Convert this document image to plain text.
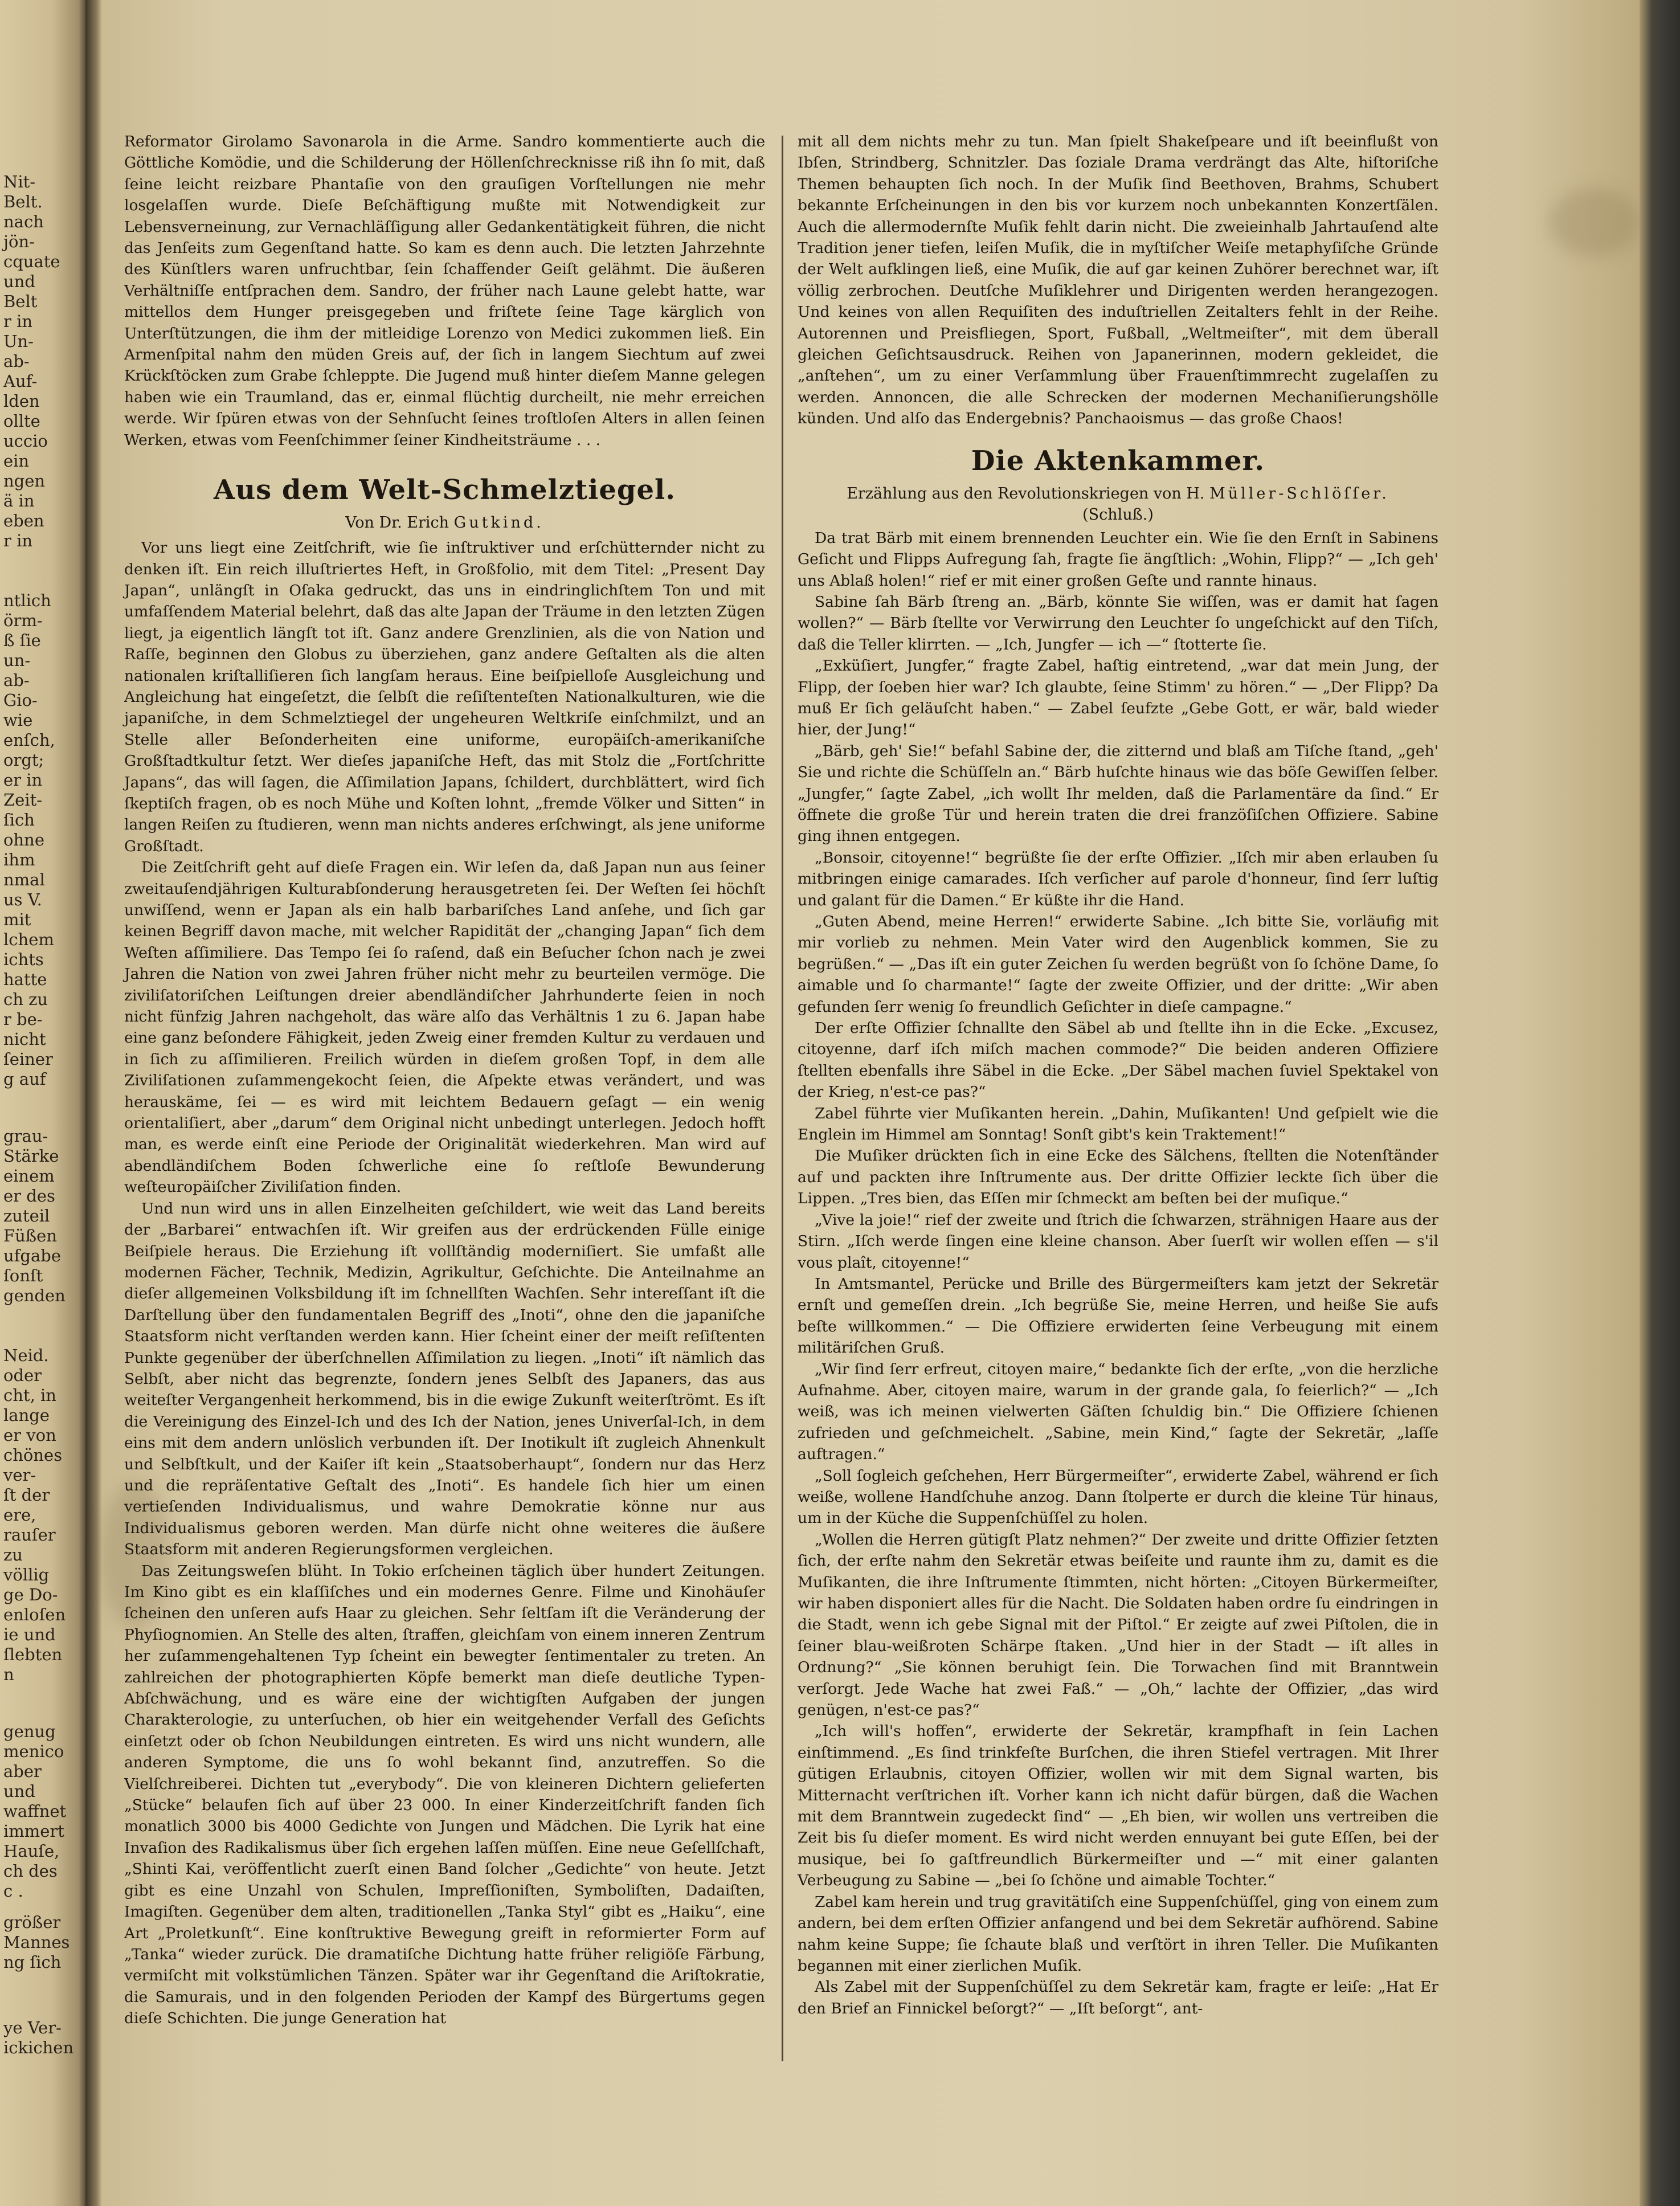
Nit-
Belt.
nach
jön-
cquate
und
Belt
r in
Un-
ab-
Auf-
lden
ollte
uccio
ein
ngen
ä in
eben
r in
ntlich
örm-
ß ſie
un-
ab-
Gio-
wie
enſch,
orgt;
er in
Zeit-
ſich
ohne
ihm
nmal
us V.
mit
lchem
ichts
hatte
ch zu
r be-
nicht
ſeiner
g auf
grau-
Stärke
einem
er des
zuteil
Füßen
ufgabe
ſonſt
genden
Neid.
oder
cht, in
lange
er von
chönes
ver-
ſt der
ere,
rauſer
zu
völlig
ge Do-
enloſen
ie und
ſlebten
n
genug
menico
aber
und
waffnet
immert
Hauſe,
ch des
c .
größer
Mannes
ng ſich
ye Ver-
ickichen

Reformator Girolamo Savonarola in die Arme. Sandro kommentierte auch die Göttliche Komödie, und die Schilderung der Höllenſchrecknisse riß ihn ſo mit, daß ſeine leicht reizbare Phantaſie von den grauſigen Vorſtellungen nie mehr losgelaſſen wurde. Dieſe Beſchäftigung mußte mit Notwendigkeit zur Lebensverneinung, zur Vernachläſſigung aller Gedankentätigkeit führen, die nicht das Jenſeits zum Gegenſtand hatte. So kam es denn auch. Die letzten Jahrzehnte des Künſtlers waren unfruchtbar, ſein ſchaffender Geiſt gelähmt. Die äußeren Verhältniſſe entſprachen dem. Sandro, der früher nach Laune gelebt hatte, war mittellos dem Hunger preisgegeben und friſtete ſeine Tage kärglich von Unterſtützungen, die ihm der mitleidige Lorenzo von Medici zukommen ließ. Ein Armenſpital nahm den müden Greis auf, der ſich in langem Siechtum auf zwei Krückſtöcken zum Grabe ſchleppte. Die Jugend muß hinter dieſem Manne gelegen haben wie ein Traumland, das er, einmal flüchtig durcheilt, nie mehr erreichen werde. Wir ſpüren etwas von der Sehnſucht ſeines troſtloſen Alters in allen ſeinen Werken, etwas vom Feenſchimmer ſeiner Kindheitsträume . . .

Aus dem Welt-Schmelztiegel.
Von Dr. Erich Gutkind.

Vor uns liegt eine Zeitſchrift, wie ſie inſtruktiver und erſchütternder nicht zu denken iſt. Ein reich illuſtriertes Heft, in Großfolio, mit dem Titel: „Present Day Japan“, unlängſt in Oſaka gedruckt, das uns in eindringlichſtem Ton und mit umfaſſendem Material belehrt, daß das alte Japan der Träume in den letzten Zügen liegt, ja eigentlich längſt tot iſt. Ganz andere Grenzlinien, als die von Nation und Raſſe, beginnen den Globus zu überziehen, ganz andere Geſtalten als die alten nationalen kriſtalliſieren ſich langſam heraus. Eine beiſpielloſe Ausgleichung und Angleichung hat eingeſetzt, die ſelbſt die reſiſtenteſten Nationalkulturen, wie die japaniſche, in dem Schmelztiegel der ungeheuren Weltkriſe einſchmilzt, und an Stelle aller Beſonderheiten eine uniforme, europäiſch-amerikaniſche Großſtadtkultur ſetzt. Wer dieſes japaniſche Heft, das mit Stolz die „Fortſchritte Japans“, das will ſagen, die Aſſimilation Japans, ſchildert, durchblättert, wird ſich ſkeptiſch fragen, ob es noch Mühe und Koſten lohnt, „fremde Völker und Sitten“ in langen Reiſen zu ſtudieren, wenn man nichts anderes erſchwingt, als jene uniforme Großſtadt.

Die Zeitſchrift geht auf dieſe Fragen ein. Wir leſen da, daß Japan nun aus ſeiner zweitauſendjährigen Kulturabſonderung herausgetreten ſei. Der Weſten ſei höchſt unwiſſend, wenn er Japan als ein halb barbariſches Land anſehe, und ſich gar keinen Begriff davon mache, mit welcher Rapidität der „changing Japan“ ſich dem Weſten aſſimiliere. Das Tempo ſei ſo raſend, daß ein Beſucher ſchon nach je zwei Jahren die Nation von zwei Jahren früher nicht mehr zu beurteilen vermöge. Die ziviliſatoriſchen Leiſtungen dreier abendländiſcher Jahrhunderte ſeien in noch nicht fünfzig Jahren nachgeholt, das wäre alſo das Verhältnis 1 zu 6. Japan habe eine ganz beſondere Fähigkeit, jeden Zweig einer fremden Kultur zu verdauen und in ſich zu aſſimilieren. Freilich würden in dieſem großen Topf, in dem alle Ziviliſationen zuſammengekocht ſeien, die Aſpekte etwas verändert, und was herauskäme, ſei — es wird mit leichtem Bedauern geſagt — ein wenig orientaliſiert, aber „darum“ dem Original nicht unbedingt unterlegen. Jedoch hofft man, es werde einſt eine Periode der Originalität wiederkehren. Man wird auf abendländiſchem Boden ſchwerliche eine ſo reſtloſe Bewunderung weſteuropäiſcher Ziviliſation finden.

Und nun wird uns in allen Einzelheiten geſchildert, wie weit das Land bereits der „Barbarei“ entwachſen iſt. Wir greifen aus der erdrückenden Fülle einige Beiſpiele heraus. Die Erziehung iſt vollſtändig moderniſiert. Sie umfaßt alle modernen Fächer, Technik, Medizin, Agrikultur, Geſchichte. Die Anteilnahme an dieſer allgemeinen Volksbildung iſt im ſchnellſten Wachſen. Sehr intereſſant iſt die Darſtellung über den fundamentalen Begriff des „Inoti“, ohne den die japaniſche Staatsform nicht verſtanden werden kann. Hier ſcheint einer der meiſt reſiſtenten Punkte gegenüber der überſchnellen Aſſimilation zu liegen. „Inoti“ iſt nämlich das Selbſt, aber nicht das begrenzte, ſondern jenes Selbſt des Japaners, das aus weiteſter Vergangenheit herkommend, bis in die ewige Zukunft weiterſtrömt. Es iſt die Vereinigung des Einzel-Ich und des Ich der Nation, jenes Univerſal-Ich, in dem eins mit dem andern unlöslich verbunden iſt. Der Inotikult iſt zugleich Ahnenkult und Selbſtkult, und der Kaiſer iſt kein „Staatsoberhaupt“, ſondern nur das Herz und die repräſentative Geſtalt des „Inoti“. Es handele ſich hier um einen vertieſenden Individualismus, und wahre Demokratie könne nur aus Individualismus geboren werden. Man dürfe nicht ohne weiteres die äußere Staatsform mit anderen Regierungsformen vergleichen.

Das Zeitungsweſen blüht. In Tokio erſcheinen täglich über hundert Zeitungen. Im Kino gibt es ein klaſſiſches und ein modernes Genre. Filme und Kinohäuſer ſcheinen den unſeren aufs Haar zu gleichen. Sehr ſeltſam iſt die Veränderung der Phyſiognomien. An Stelle des alten, ſtraffen, gleichſam von einem inneren Zentrum her zuſammengehaltenen Typ ſcheint ein bewegter ſentimentaler zu treten. An zahlreichen der photographierten Köpfe bemerkt man dieſe deutliche Typen-Abſchwächung, und es wäre eine der wichtigſten Aufgaben der jungen Charakterologie, zu unterſuchen, ob hier ein weitgehender Verfall des Geſichts einſetzt oder ob ſchon Neubildungen eintreten. Es wird uns nicht wundern, alle anderen Symptome, die uns ſo wohl bekannt ſind, anzutreffen. So die Vielſchreiberei. Dichten tut „everybody“. Die von kleineren Dichtern gelieferten „Stücke“ belaufen ſich auf über 23 000. In einer Kinderzeitſchrift fanden ſich monatlich 3000 bis 4000 Gedichte von Jungen und Mädchen. Die Lyrik hat eine Invaſion des Radikalismus über ſich ergehen laſſen müſſen. Eine neue Geſellſchaft, „Shinti Kai, veröffentlicht zuerſt einen Band ſolcher „Gedichte“ von heute. Jetzt gibt es eine Unzahl von Schulen, Impreſſioniſten, Symboliſten, Dadaiſten, Imagiſten. Gegenüber dem alten, traditionellen „Tanka Styl“ gibt es „Haiku“, eine Art „Proletkunſt“. Eine konſtruktive Bewegung greift in reformierter Form auf „Tanka“ wieder zurück. Die dramatiſche Dichtung hatte früher religiöſe Färbung, vermiſcht mit volkstümlichen Tänzen. Später war ihr Gegenſtand die Ariſtokratie, die Samurais, und in den folgenden Perioden der Kampf des Bürgertums gegen dieſe Schichten. Die junge Generation hat

mit all dem nichts mehr zu tun. Man ſpielt Shakeſpeare und iſt beeinflußt von Ibſen, Strindberg, Schnitzler. Das ſoziale Drama verdrängt das Alte, hiſtoriſche Themen behaupten ſich noch. In der Muſik ſind Beethoven, Brahms, Schubert bekannte Erſcheinungen in den bis vor kurzem noch unbekannten Konzertſälen. Auch die allermodernſte Muſik fehlt darin nicht. Die zweieinhalb Jahrtauſend alte Tradition jener tiefen, leiſen Muſik, die in myſtiſcher Weiſe metaphyſiſche Gründe der Welt aufklingen ließ, eine Muſik, die auf gar keinen Zuhörer berechnet war, iſt völlig zerbrochen. Deutſche Muſiklehrer und Dirigenten werden herangezogen. Und keines von allen Requiſiten des induſtriellen Zeitalters fehlt in der Reihe. Autorennen und Preisfliegen, Sport, Fußball, „Weltmeiſter“, mit dem überall gleichen Geſichtsausdruck. Reihen von Japanerinnen, modern gekleidet, die „anſtehen“, um zu einer Verſammlung über Frauenſtimmrecht zugelaſſen zu werden. Annoncen, die alle Schrecken der modernen Mechaniſierungshölle künden. Und alſo das Endergebnis? Panchaoismus — das große Chaos!

Die Aktenkammer.
Erzählung aus den Revolutionskriegen von H. Müller-Schlöſſer.
(Schluß.)

Da trat Bärb mit einem brennenden Leuchter ein. Wie ſie den Ernſt in Sabinens Geſicht und Flipps Aufregung ſah, fragte ſie ängſtlich: „Wohin, Flipp?“ — „Ich geh' uns Ablaß holen!“ rief er mit einer großen Geſte und rannte hinaus.

Sabine ſah Bärb ſtreng an. „Bärb, könnte Sie wiſſen, was er damit hat ſagen wollen?“ — Bärb ſtellte vor Verwirrung den Leuchter ſo ungeſchickt auf den Tiſch, daß die Teller klirrten. — „Ich, Jungfer — ich —“ ſtotterte ſie.

„Exküſiert, Jungfer,“ fragte Zabel, haſtig eintretend, „war dat mein Jung, der Flipp, der ſoeben hier war? Ich glaubte, ſeine Stimm' zu hören.“ — „Der Flipp? Da muß Er ſich geläuſcht haben.“ — Zabel ſeufzte „Gebe Gott, er wär, bald wieder hier, der Jung!“

„Bärb, geh' Sie!“ befahl Sabine der, die zitternd und blaß am Tiſche ſtand, „geh' Sie und richte die Schüſſeln an.“ Bärb huſchte hinaus wie das böſe Gewiſſen ſelber. „Jungfer,“ ſagte Zabel, „ich wollt Ihr melden, daß die Parlamentäre da ſind.“ Er öffnete die große Tür und herein traten die drei franzöſiſchen Offiziere. Sabine ging ihnen entgegen.

„Bonsoir, citoyenne!“ begrüßte ſie der erſte Offizier. „Iſch mir aben erlauben ſu mitbringen einige camarades. Iſch verſicher auf parole d'honneur, ſind ſerr luſtig und galant für die Damen.“ Er küßte ihr die Hand.

„Guten Abend, meine Herren!“ erwiderte Sabine. „Ich bitte Sie, vorläufig mit mir vorlieb zu nehmen. Mein Vater wird den Augenblick kommen, Sie zu begrüßen.“ — „Das iſt ein guter Zeichen ſu werden begrüßt von ſo ſchöne Dame, ſo aimable und ſo charmante!“ ſagte der zweite Offizier, und der dritte: „Wir aben gefunden ſerr wenig ſo freundlich Geſichter in dieſe campagne.“

Der erſte Offizier ſchnallte den Säbel ab und ſtellte ihn in die Ecke. „Excusez, citoyenne, darf iſch miſch machen commode?“ Die beiden anderen Offiziere ſtellten ebenfalls ihre Säbel in die Ecke. „Der Säbel machen ſuviel Spektakel von der Krieg, n'est-ce pas?“

Zabel führte vier Muſikanten herein. „Dahin, Muſikanten! Und geſpielt wie die Englein im Himmel am Sonntag! Sonſt gibt's kein Traktement!“

Die Muſiker drückten ſich in eine Ecke des Sälchens, ſtellten die Notenſtänder auf und packten ihre Inſtrumente aus. Der dritte Offizier leckte ſich über die Lippen. „Tres bien, das Eſſen mir ſchmeckt am beſten bei der muſique.“

„Vive la joie!“ rief der zweite und ſtrich die ſchwarzen, strähnigen Haare aus der Stirn. „Iſch werde ſingen eine kleine chanson. Aber ſuerſt wir wollen eſſen — s'il vous plaît, citoyenne!“

In Amtsmantel, Perücke und Brille des Bürgermeiſters kam jetzt der Sekretär ernſt und gemeſſen drein. „Ich begrüße Sie, meine Herren, und heiße Sie aufs beſte willkommen.“ — Die Offiziere erwiderten ſeine Verbeugung mit einem militäriſchen Gruß.

„Wir ſind ſerr erfreut, citoyen maire,“ bedankte ſich der erſte, „von die herzliche Aufnahme. Aber, citoyen maire, warum in der grande gala, ſo feierlich?“ — „Ich weiß, was ich meinen vielwerten Gäſten ſchuldig bin.“ Die Offiziere ſchienen zufrieden und geſchmeichelt. „Sabine, mein Kind,“ ſagte der Sekretär, „laſſe auftragen.“

„Soll ſogleich geſchehen, Herr Bürgermeiſter“, erwiderte Zabel, während er ſich weiße, wollene Handſchuhe anzog. Dann ſtolperte er durch die kleine Tür hinaus, um in der Küche die Suppenſchüſſel zu holen.

„Wollen die Herren gütigſt Platz nehmen?“ Der zweite und dritte Offizier ſetzten ſich, der erſte nahm den Sekretär etwas beiſeite und raunte ihm zu, damit es die Muſikanten, die ihre Inſtrumente ſtimmten, nicht hörten: „Citoyen Bürkermeiſter, wir haben disponiert alles für die Nacht. Die Soldaten haben ordre ſu eindringen in die Stadt, wenn ich gebe Signal mit der Piſtol.“ Er zeigte auf zwei Piſtolen, die in ſeiner blau-weißroten Schärpe ſtaken. „Und hier in der Stadt — iſt alles in Ordnung?“ „Sie können beruhigt ſein. Die Torwachen ſind mit Branntwein verſorgt. Jede Wache hat zwei Faß.“ — „Oh,“ lachte der Offizier, „das wird genügen, n'est-ce pas?“

„Ich will's hoffen“, erwiderte der Sekretär, krampfhaft in ſein Lachen einſtimmend. „Es ſind trinkfeſte Burſchen, die ihren Stiefel vertragen. Mit Ihrer gütigen Erlaubnis, citoyen Offizier, wollen wir mit dem Signal warten, bis Mitternacht verſtrichen iſt. Vorher kann ich nicht dafür bürgen, daß die Wachen mit dem Branntwein zugedeckt ſind“ — „Eh bien, wir wollen uns vertreiben die Zeit bis ſu dieſer moment. Es wird nicht werden ennuyant bei gute Eſſen, bei der musique, bei ſo gaſtfreundlich Bürkermeiſter und —“ mit einer galanten Verbeugung zu Sabine — „bei ſo ſchöne und aimable Tochter.“

Zabel kam herein und trug gravitätiſch eine Suppenſchüſſel, ging von einem zum andern, bei dem erſten Offizier anfangend und bei dem Sekretär aufhörend. Sabine nahm keine Suppe; ſie ſchaute blaß und verſtört in ihren Teller. Die Muſikanten begannen mit einer zierlichen Muſik.

Als Zabel mit der Suppenſchüſſel zu dem Sekretär kam, fragte er leiſe: „Hat Er den Brief an Finnickel beſorgt?“ — „Iſt beſorgt“, ant-
